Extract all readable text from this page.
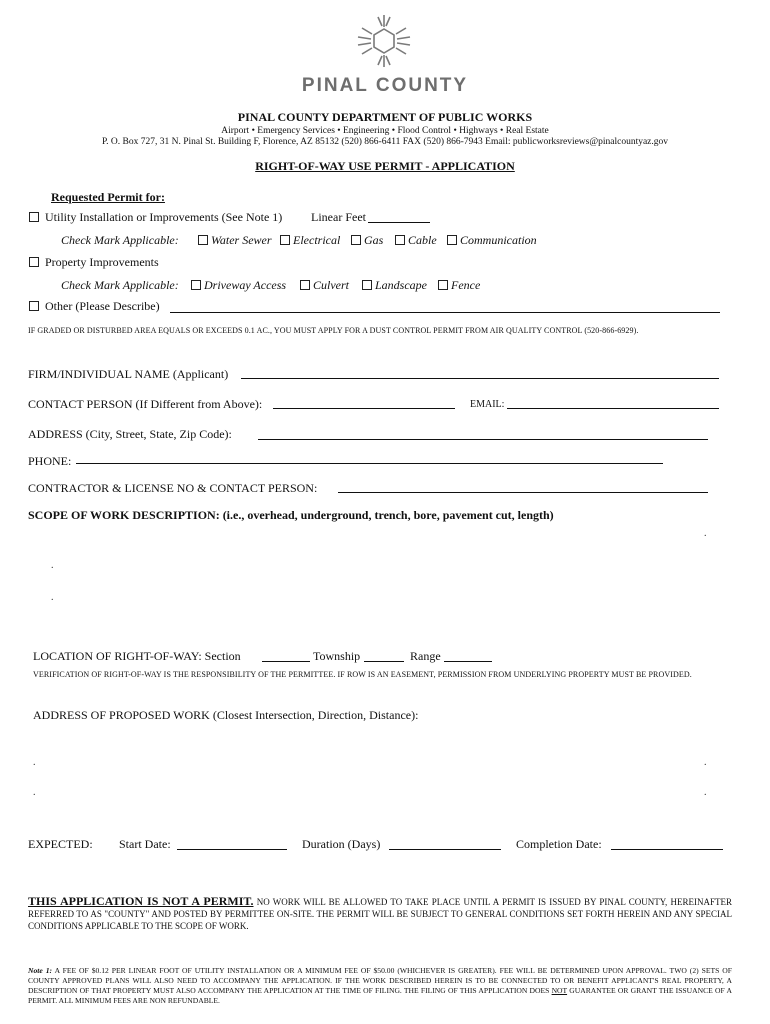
PINAL COUNTY
PINAL COUNTY DEPARTMENT OF PUBLIC WORKS
Airport • Emergency Services • Engineering • Flood Control • Highways • Real Estate
P. O. Box 727, 31 N. Pinal St. Building F, Florence, AZ 85132 (520) 866-6411 FAX (520) 866-7943 Email: publicworksreviews@pinalcountyaz.gov
RIGHT-OF-WAY USE PERMIT - APPLICATION
Requested Permit for:
Utility Installation or Improvements (See Note 1) Linear Feet
Check Mark Applicable:	Water Sewer	Electrical	Gas	Cable	Communication
Property Improvements
Check Mark Applicable:	Driveway Access	Culvert	Landscape	Fence
Other (Please Describe)
IF GRADED OR DISTURBED AREA EQUALS OR EXCEEDS 0.1 AC., YOU MUST APPLY FOR A DUST CONTROL PERMIT FROM AIR QUALITY CONTROL (520-866-6929).
FIRM/INDIVIDUAL NAME (Applicant)
CONTACT PERSON (If Different from Above):	EMAIL:
ADDRESS (City, Street, State, Zip Code):
PHONE:
CONTRACTOR & LICENSE NO & CONTACT PERSON:
SCOPE OF WORK DESCRIPTION: (i.e., overhead, underground, trench, bore, pavement cut, length)
.
.
.
LOCATION OF RIGHT-OF-WAY: Section	Township	Range
VERIFICATION OF RIGHT-OF-WAY IS THE RESPONSIBILITY OF THE PERMITTEE. IF ROW IS AN EASEMENT, PERMISSION FROM UNDERLYING PROPERTY MUST BE PROVIDED.
ADDRESS OF PROPOSED WORK (Closest Intersection, Direction, Distance):
.	.
.	.
EXPECTED: Start Date:	Duration (Days)	Completion Date:
THIS APPLICATION IS NOT A PERMIT. NO WORK WILL BE ALLOWED TO TAKE PLACE UNTIL A PERMIT IS ISSUED BY PINAL COUNTY, HEREINAFTER REFERRED TO AS "COUNTY" AND POSTED BY PERMITTEE ON-SITE. THE PERMIT WILL BE SUBJECT TO GENERAL CONDITIONS SET FORTH HEREIN AND ANY SPECIAL CONDITIONS APPLICABLE TO THE SCOPE OF WORK.
Note 1: A FEE OF $0.12 PER LINEAR FOOT OF UTILITY INSTALLATION OR A MINIMUM FEE OF $50.00 (WHICHEVER IS GREATER). FEE WILL BE DETERMINED UPON APPROVAL. TWO (2) SETS OF COUNTY APPROVED PLANS WILL ALSO NEED TO ACCOMPANY THE APPLICATION. IF THE WORK DESCRIBED HEREIN IS TO BE CONNECTED TO OR BENEFIT APPLICANT'S REAL PROPERTY, A DESCRIPTION OF THAT PROPERTY MUST ALSO ACCOMPANY THE APPLICATION AT THE TIME OF FILING. THE FILING OF THIS APPLICATION DOES NOT GUARANTEE OR GRANT THE ISSUANCE OF A PERMIT. ALL MINIMUM FEES ARE NON REFUNDABLE.
